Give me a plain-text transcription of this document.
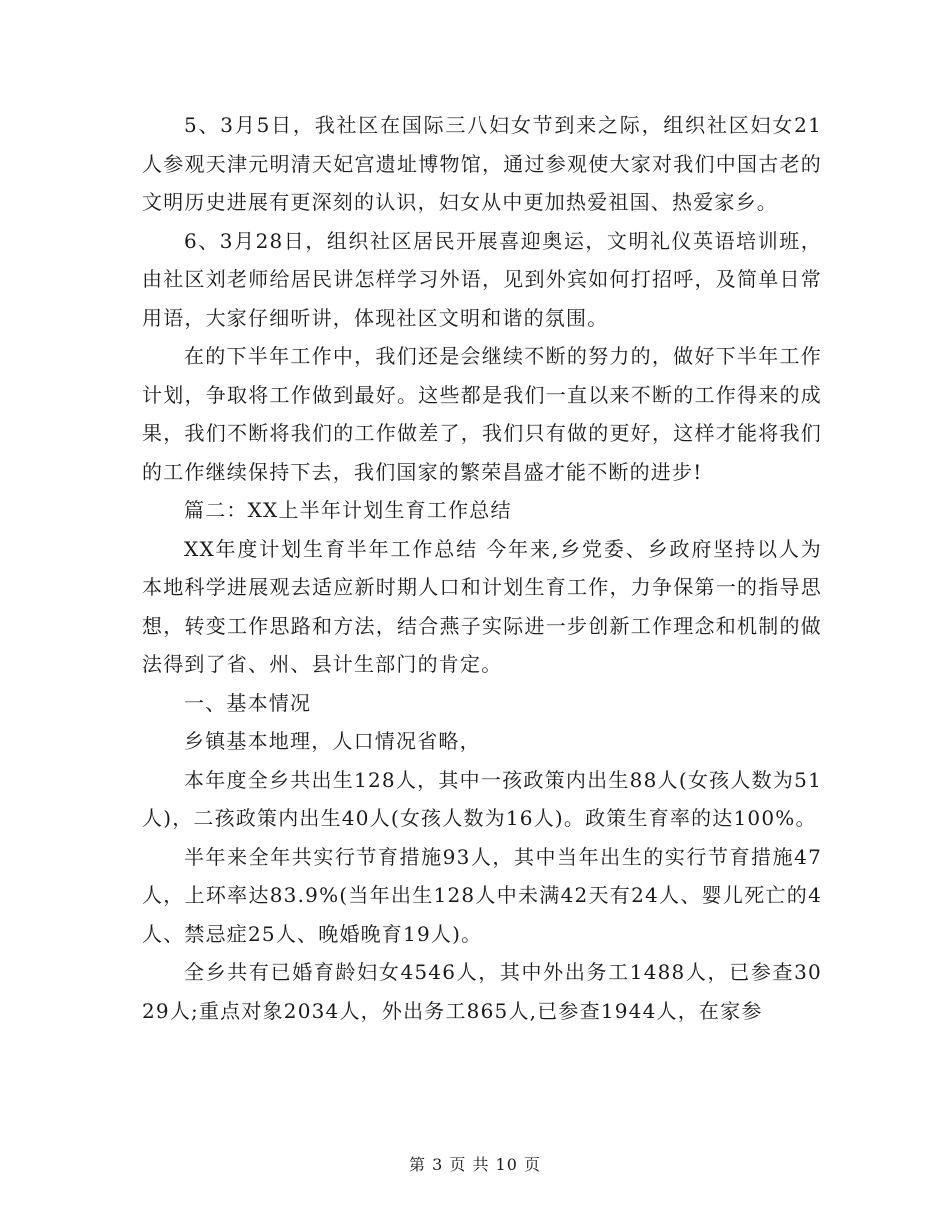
5、3月5日，我社区在国际三八妇女节到来之际，组织社区妇女21人参观天津元明清天妃宫遗址博物馆，通过参观使大家对我们中国古老的文明历史进展有更深刻的认识，妇女从中更加热爱祖国、热爱家乡。

6、3月28日，组织社区居民开展喜迎奥运，文明礼仪英语培训班，由社区刘老师给居民讲怎样学习外语，见到外宾如何打招呼，及简单日常用语，大家仔细听讲，体现社区文明和谐的氛围。

在的下半年工作中，我们还是会继续不断的努力的，做好下半年工作计划，争取将工作做到最好。这些都是我们一直以来不断的工作得来的成果，我们不断将我们的工作做差了，我们只有做的更好，这样才能将我们的工作继续保持下去，我们国家的繁荣昌盛才能不断的进步!

篇二：XX上半年计划生育工作总结

XX年度计划生育半年工作总结 今年来,乡党委、乡政府坚持以人为本地科学进展观去适应新时期人口和计划生育工作，力争保第一的指导思想，转变工作思路和方法，结合燕子实际进一步创新工作理念和机制的做法得到了省、州、县计生部门的肯定。

一、基本情况

乡镇基本地理，人口情况省略，

本年度全乡共出生128人，其中一孩政策内出生88人(女孩人数为51人)，二孩政策内出生40人(女孩人数为16人)。政策生育率的达100%。

半年来全年共实行节育措施93人，其中当年出生的实行节育措施47人，上环率达83.9%(当年出生128人中未满42天有24人、婴儿死亡的4人、禁忌症25人、晚婚晚育19人)。

全乡共有已婚育龄妇女4546人，其中外出务工1488人，已参查3029人;重点对象2034人，外出务工865人,已参查1944人，在家参

第 3 页 共 10 页
